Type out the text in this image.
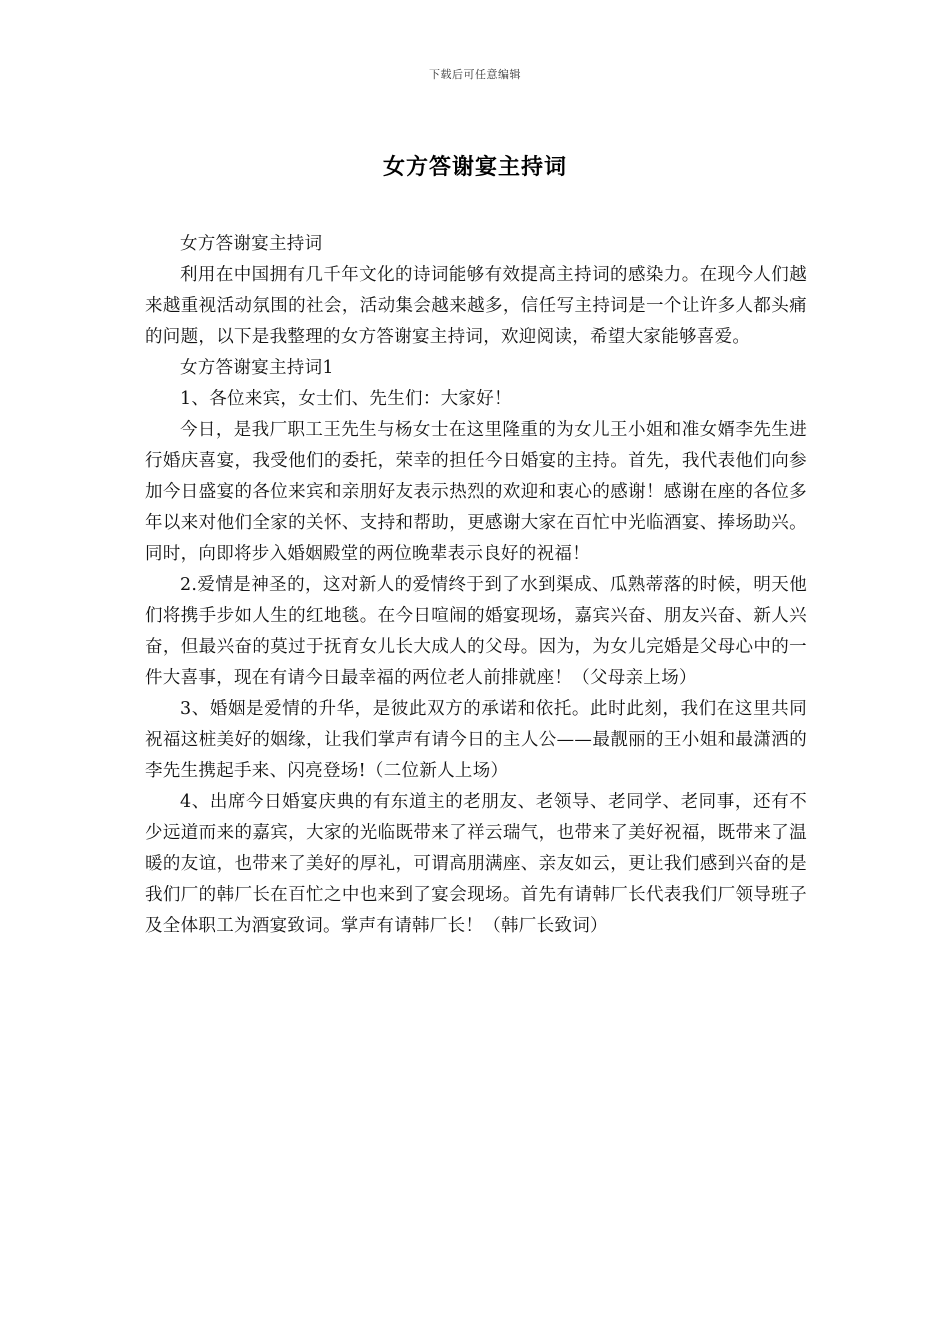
下载后可任意编辑
女方答谢宴主持词

女方答谢宴主持词

利用在中国拥有几千年文化的诗词能够有效提高主持词的感染力。在现今人们越来越重视活动氛围的社会，活动集会越来越多，信任写主持词是一个让许多人都头痛的问题，以下是我整理的女方答谢宴主持词，欢迎阅读，希望大家能够喜爱。

女方答谢宴主持词1

1、各位来宾，女士们、先生们：大家好！

今日，是我厂职工王先生与杨女士在这里隆重的为女儿王小姐和准女婿李先生进行婚庆喜宴，我受他们的委托，荣幸的担任今日婚宴的主持。首先，我代表他们向参加今日盛宴的各位来宾和亲朋好友表示热烈的欢迎和衷心的感谢！感谢在座的各位多年以来对他们全家的关怀、支持和帮助，更感谢大家在百忙中光临酒宴、捧场助兴。同时，向即将步入婚姻殿堂的两位晚辈表示良好的祝福！

2.爱情是神圣的，这对新人的爱情终于到了水到渠成、瓜熟蒂落的时候，明天他们将携手步如人生的红地毯。在今日喧闹的婚宴现场，嘉宾兴奋、朋友兴奋、新人兴奋，但最兴奋的莫过于抚育女儿长大成人的父母。因为，为女儿完婚是父母心中的一件大喜事，现在有请今日最幸福的两位老人前排就座！（父母亲上场）

3、婚姻是爱情的升华，是彼此双方的承诺和依托。此时此刻，我们在这里共同祝福这桩美好的姻缘，让我们掌声有请今日的主人公——最靓丽的王小姐和最潇洒的李先生携起手来、闪亮登场!（二位新人上场）

4、出席今日婚宴庆典的有东道主的老朋友、老领导、老同学、老同事，还有不少远道而来的嘉宾，大家的光临既带来了祥云瑞气，也带来了美好祝福，既带来了温暖的友谊，也带来了美好的厚礼，可谓高朋满座、亲友如云，更让我们感到兴奋的是我们厂的韩厂长在百忙之中也来到了宴会现场。首先有请韩厂长代表我们厂领导班子及全体职工为酒宴致词。掌声有请韩厂长！（韩厂长致词）
